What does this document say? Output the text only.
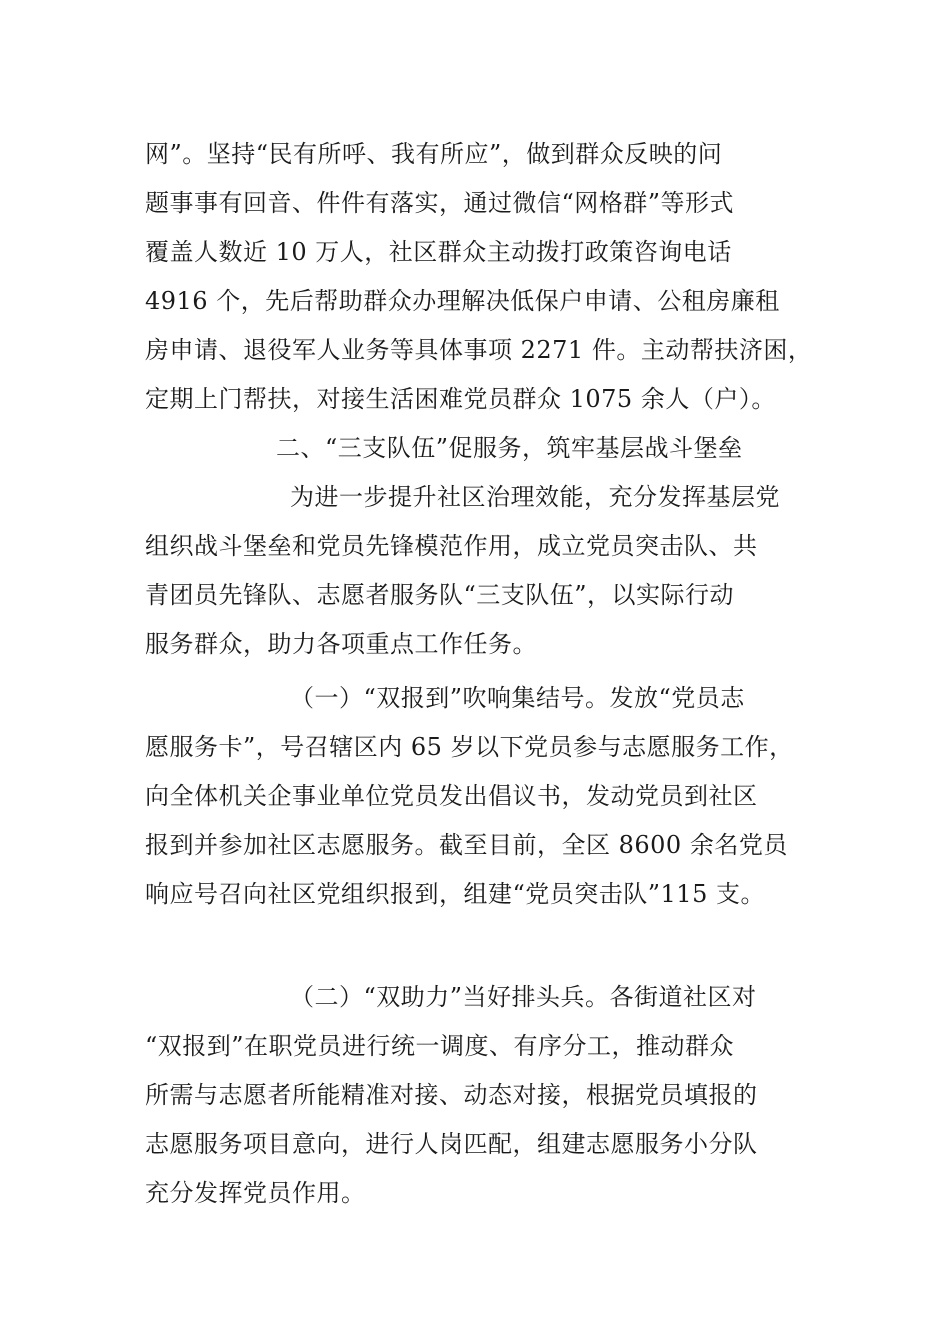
网”。坚持“民有所呼、我有所应”，做到群众反映的问
题事事有回音、件件有落实，通过微信“网格群”等形式
覆盖人数近 10 万人，社区群众主动拨打政策咨询电话
4916 个，先后帮助群众办理解决低保户申请、公租房廉租
房申请、退役军人业务等具体事项 2271 件。主动帮扶济困，
定期上门帮扶，对接生活困难党员群众 1075 余人（户）。
二、“三支队伍”促服务，筑牢基层战斗堡垒
为进一步提升社区治理效能，充分发挥基层党
组织战斗堡垒和党员先锋模范作用，成立党员突击队、共
青团员先锋队、志愿者服务队“三支队伍”，以实际行动
服务群众，助力各项重点工作任务。
（一）“双报到”吹响集结号。发放“党员志
愿服务卡”，号召辖区内 65 岁以下党员参与志愿服务工作，
向全体机关企事业单位党员发出倡议书，发动党员到社区
报到并参加社区志愿服务。截至目前，全区 8600 余名党员
响应号召向社区党组织报到，组建“党员突击队”115 支。
（二）“双助力”当好排头兵。各街道社区对
“双报到”在职党员进行统一调度、有序分工，推动群众
所需与志愿者所能精准对接、动态对接，根据党员填报的
志愿服务项目意向，进行人岗匹配，组建志愿服务小分队
充分发挥党员作用。
